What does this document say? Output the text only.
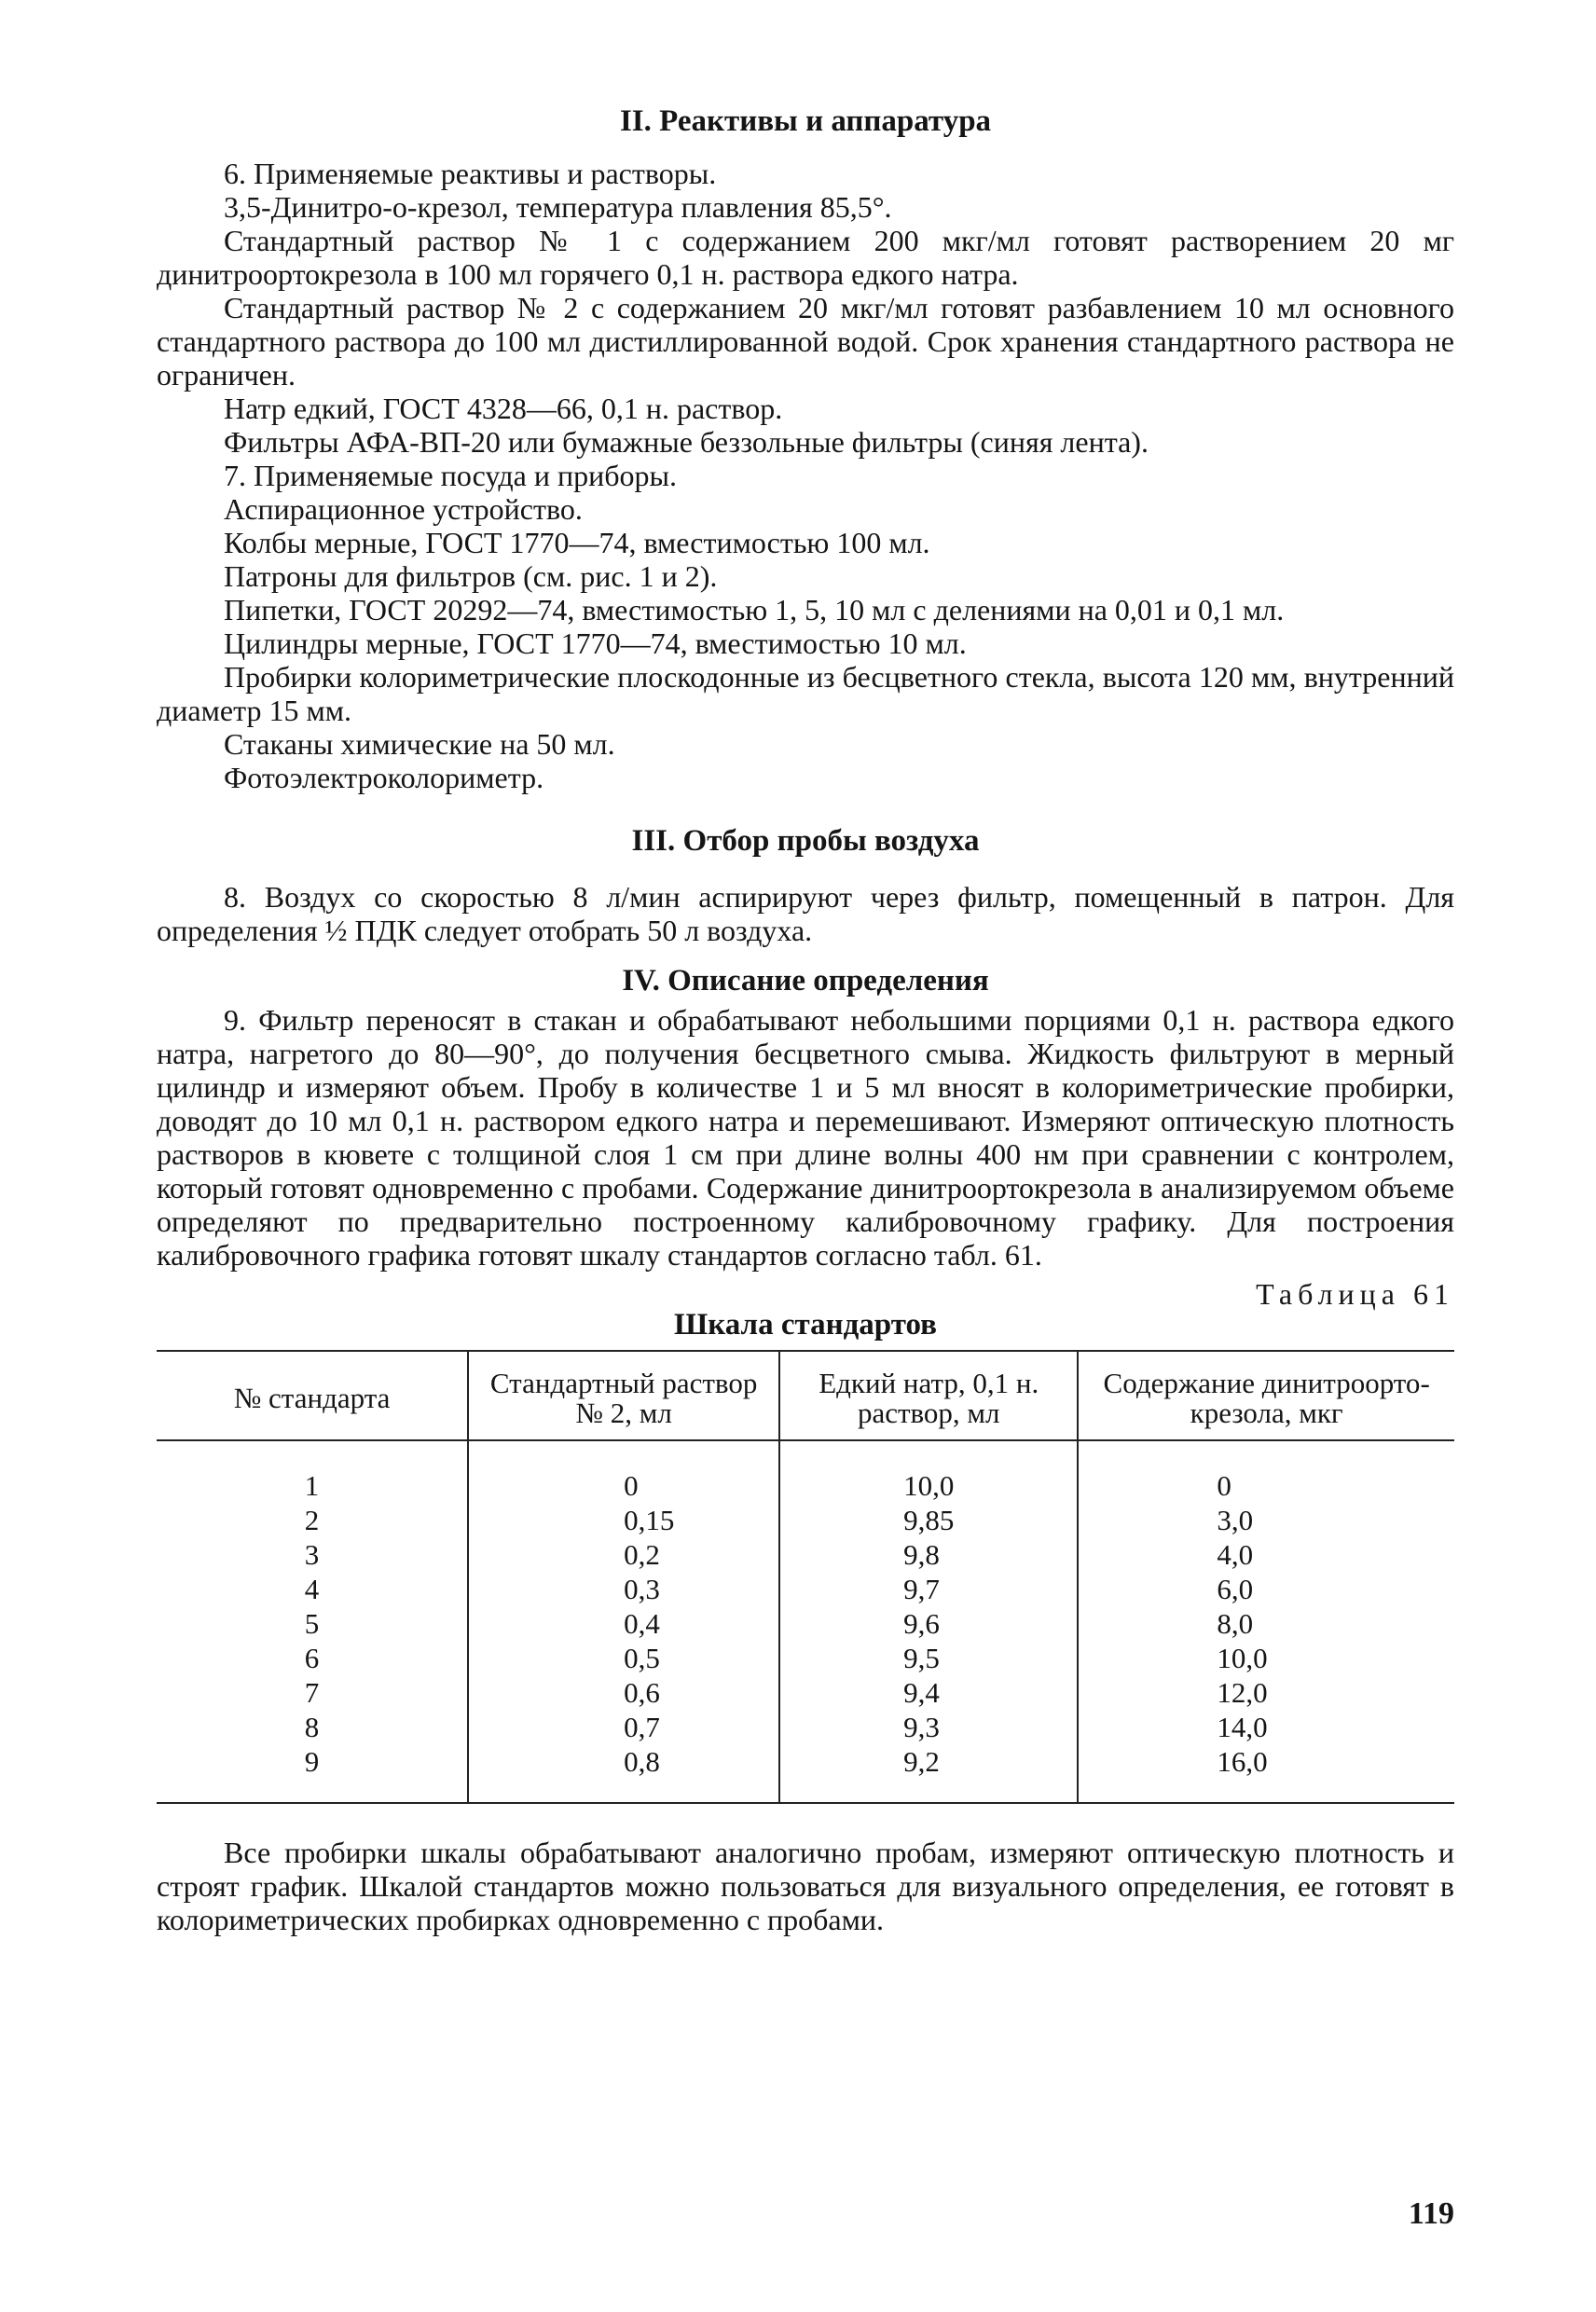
II. Реактивы и аппаратура

6. Применяемые реактивы и растворы.

3,5-Динитро-о-крезол, температура плавления 85,5°.

Стандартный раствор № 1 с содержанием 200 мкг/мл готовят растворением 20 мг динитроортокрезола в 100 мл горячего 0,1 н. раствора едкого натра.

Стандартный раствор № 2 с содержанием 20 мкг/мл готовят разбавлением 10 мл основного стандартного раствора до 100 мл дистиллированной водой. Срок хранения стандартного раствора не ограничен.

Натр едкий, ГОСТ 4328—66, 0,1 н. раствор.

Фильтры АФА-ВП-20 или бумажные беззольные фильтры (синяя лента).

7. Применяемые посуда и приборы.

Аспирационное устройство.

Колбы мерные, ГОСТ 1770—74, вместимостью 100 мл.

Патроны для фильтров (см. рис. 1 и 2).

Пипетки, ГОСТ 20292—74, вместимостью 1, 5, 10 мл с делениями на 0,01 и 0,1 мл.

Цилиндры мерные, ГОСТ 1770—74, вместимостью 10 мл.

Пробирки колориметрические плоскодонные из бесцветного стекла, высота 120 мм, внутренний диаметр 15 мм.

Стаканы химические на 50 мл.

Фотоэлектроколориметр.

III. Отбор пробы воздуха

8. Воздух со скоростью 8 л/мин аспирируют через фильтр, помещенный в патрон. Для определения ½ ПДК следует отобрать 50 л воздуха.

IV. Описание определения

9. Фильтр переносят в стакан и обрабатывают небольшими порциями 0,1 н. раствора едкого натра, нагретого до 80—90°, до получения бесцветного смыва. Жидкость фильтруют в мерный цилиндр и измеряют объем. Пробу в количестве 1 и 5 мл вносят в колориметрические пробирки, доводят до 10 мл 0,1 н. раствором едкого натра и перемешивают. Измеряют оптическую плотность растворов в кювете с толщиной слоя 1 см при длине волны 400 нм при сравнении с контролем, который готовят одновременно с пробами. Содержание динитроортокрезола в анализируемом объеме определяют по предварительно построенному калибровочному графику. Для построения калибровочного графика готовят шкалу стандартов согласно табл. 61.

Таблица 61
Шкала стандартов
№ стандарта	Стандартный раствор № 2, мл	Едкий натр, 0,1 н. раствор, мл	Содержание динитроортокрезола, мкг
1	0	10,0	0
2	0,15	9,85	3,0
3	0,2	9,8	4,0
4	0,3	9,7	6,0
5	0,4	9,6	8,0
6	0,5	9,5	10,0
7	0,6	9,4	12,0
8	0,7	9,3	14,0
9	0,8	9,2	16,0

Все пробирки шкалы обрабатывают аналогично пробам, измеряют оптическую плотность и строят график. Шкалой стандартов можно пользоваться для визуального определения, ее готовят в колориметрических пробирках одновременно с пробами.

119
